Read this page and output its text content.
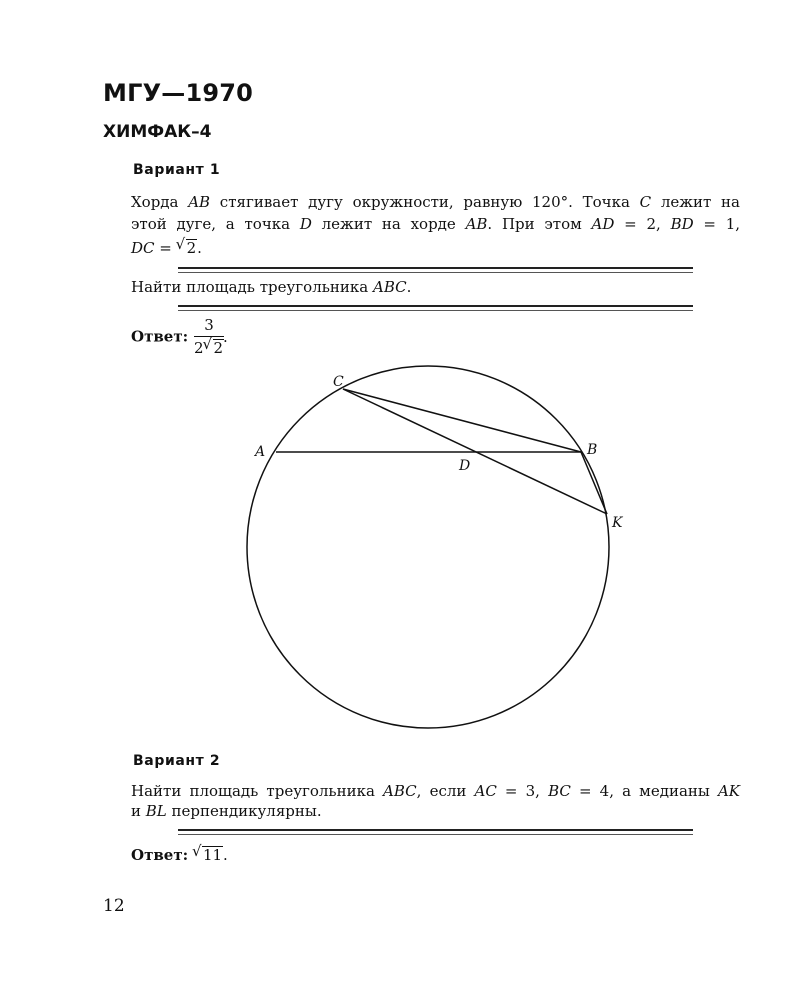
МГУ—1970
ХИМФАК–4
Вариант 1
Хорда AB стягивает дугу окружности, равную 120°. Точка C лежит на
этой дуге, а точка D лежит на хорде AB. При этом AD = 2, BD = 1,
DC = √ 2.
Найти площадь треугольника ABC.
Ответ: $\frac{3}{2 √ 2}$ .
C
A	B
D
K
Вариант 2
Найти площадь треугольника ABC, если AC = 3, BC = 4, а медианы AK
и BL перпендикулярны.
Ответ: √ 11.
12
